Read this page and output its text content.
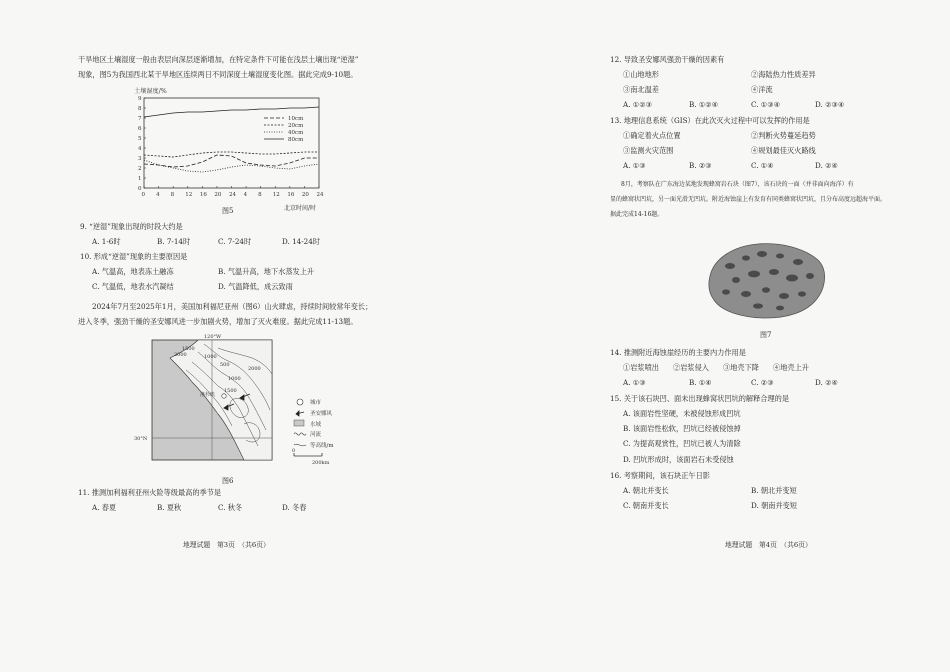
干旱地区土壤湿度一般由表层向深层逐渐增加，在特定条件下可能在浅层土壤出现“逆湿”
现象，图5为我国西北某干旱地区连续两日不同深度土壤湿度变化图。据此完成9-10题。
土壤湿度/%
0
1
2
3
4
5
6
7
8
9
0 4 8 12 16 20 24 4 8 12 16 20 24
10cm
20cm
40cm
80cm
北京时间/时
图5
9. “逆湿”现象出现的时段大约是
A. 1-6时	B. 7-14时	C. 7-24时	D. 14-24时
10. 形成“逆湿”现象的主要原因是
A. 气温高，地表冻土融冻	B. 气温升高，地下水蒸发上升
C. 气温低，地表水汽凝结	D. 气温降低，成云致雨
2024年7月至2025年1月，美国加利福尼亚州（图6）山火肆虐，持续时间较常年变长；
进入冬季，强劲干燥的圣安娜风进一步加剧火势，增加了灭火难度。据此完成11-13题。
120°W
30°N
2000
1500
1000
500
1000
1500
2000
洛杉矶
城市
圣安娜风
水域
河流
等高线/m
0
200km
图6
11. 推测加利福利亚州火险等级最高的季节是
A. 春夏	B. 夏秋	C. 秋冬	D. 冬春
地理试题　第3页　（共6页）
12. 导致圣安娜风强劲干燥的因素有
①山地地形	②海陆热力性质差异
③南北温差	④洋流
A. ①②③	B. ①②④	C. ①③④	D. ②③④
13. 地理信息系统（GIS）在此次灭火过程中可以发挥的作用是
①确定着火点位置	②判断火势蔓延趋势
③监测火灾范围	④规划最佳灭火路线
A. ①③	B. ②③	C. ①④	D. ②④
8月，考察队在广东海边某地发现蜂窝岩石块（图7），该石块的一面（并非面向海洋）有
显的蜂窝状凹坑，另一面光滑无凹坑。附近海蚀崖上有发育有同类蜂窝状凹坑，且分布高度远超海平面。
据此完成14-16题。
图7
14. 推测附近海蚀崖经历的主要内力作用是
①岩浆喷出 ②岩浆侵入 ③地壳下降 ④地壳上升
A. ①③	B. ①④	C. ②③	D. ②④
15. 关于该石块凹、面未出现蜂窝状凹坑的解释合理的是
A. 该面岩性坚硬，未被侵蚀形成凹坑
B. 该面岩性松软，凹坑已经被侵蚀掉
C. 为提高观赏性，凹坑已被人为清除
D. 凹坑形成时，该面岩石未受侵蚀
16. 考察期间，该石块正午日影
A. 朝北并变长	B. 朝北并变短
C. 朝南并变长	D. 朝南并变短
地理试题　第4页　（共6页）
